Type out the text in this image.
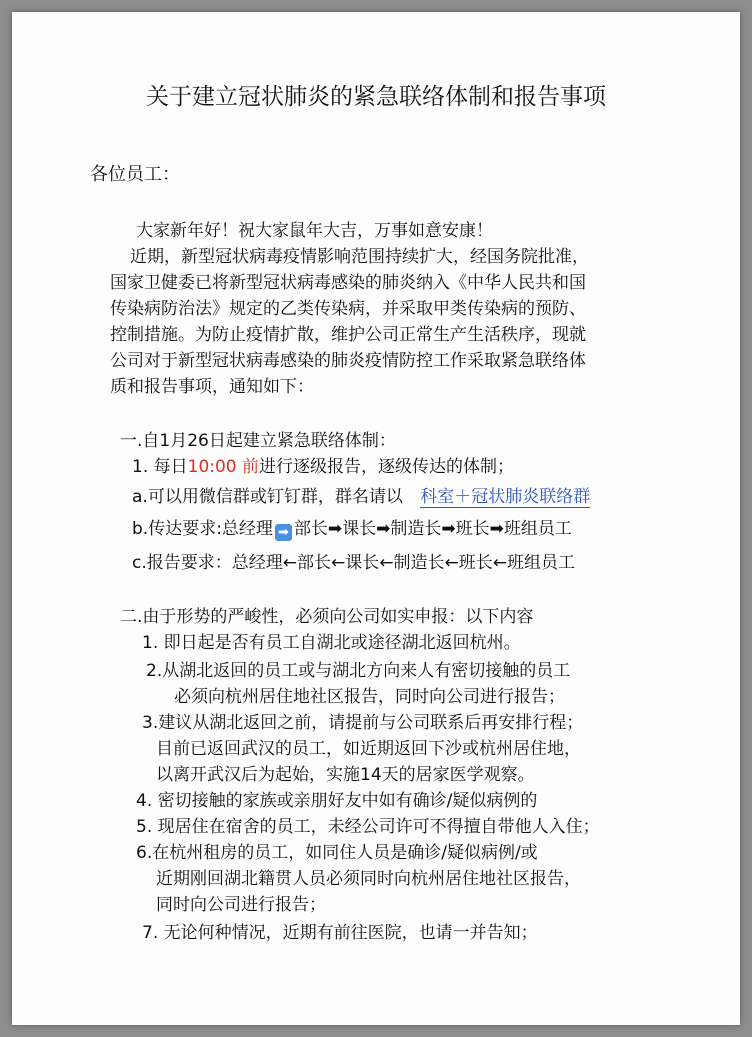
关于建立冠状肺炎的紧急联络体制和报告事项
各位员工：
大家新年好！祝大家鼠年大吉，万事如意安康！
近期，新型冠状病毒疫情影响范围持续扩大，经国务院批准，
国家卫健委已将新型冠状病毒感染的肺炎纳入《中华人民共和国
传染病防治法》规定的乙类传染病，并采取甲类传染病的预防、
控制措施。为防止疫情扩散，维护公司正常生产生活秩序，现就
公司对于新型冠状病毒感染的肺炎疫情防控工作采取紧急联络体
质和报告事项，通知如下：
一.自1月26日起建立紧急联络体制：
1. 每日10:00 前进行逐级报告，逐级传达的体制；
a.可以用微信群或钉钉群，群名请以 科室＋冠状肺炎联络群
b.传达要求:总经理 ➡ 部长➡课长➡制造长➡班长➡班组员工
c.报告要求：总经理←部长←课长←制造长←班长←班组员工
二.由于形势的严峻性，必须向公司如实申报：以下内容
1. 即日起是否有员工自湖北或途径湖北返回杭州。
2.从湖北返回的员工或与湖北方向来人有密切接触的员工
必须向杭州居住地社区报告，同时向公司进行报告；
3.建议从湖北返回之前，请提前与公司联系后再安排行程；
目前已返回武汉的员工，如近期返回下沙或杭州居住地，
以离开武汉后为起始，实施14天的居家医学观察。
4. 密切接触的家族或亲朋好友中如有确诊/疑似病例的
5. 现居住在宿舍的员工，未经公司许可不得擅自带他人入住；
6.在杭州租房的员工，如同住人员是确诊/疑似病例/或
近期刚回湖北籍贯人员必须同时向杭州居住地社区报告，
同时向公司进行报告；
7. 无论何种情况，近期有前往医院，也请一并告知；
